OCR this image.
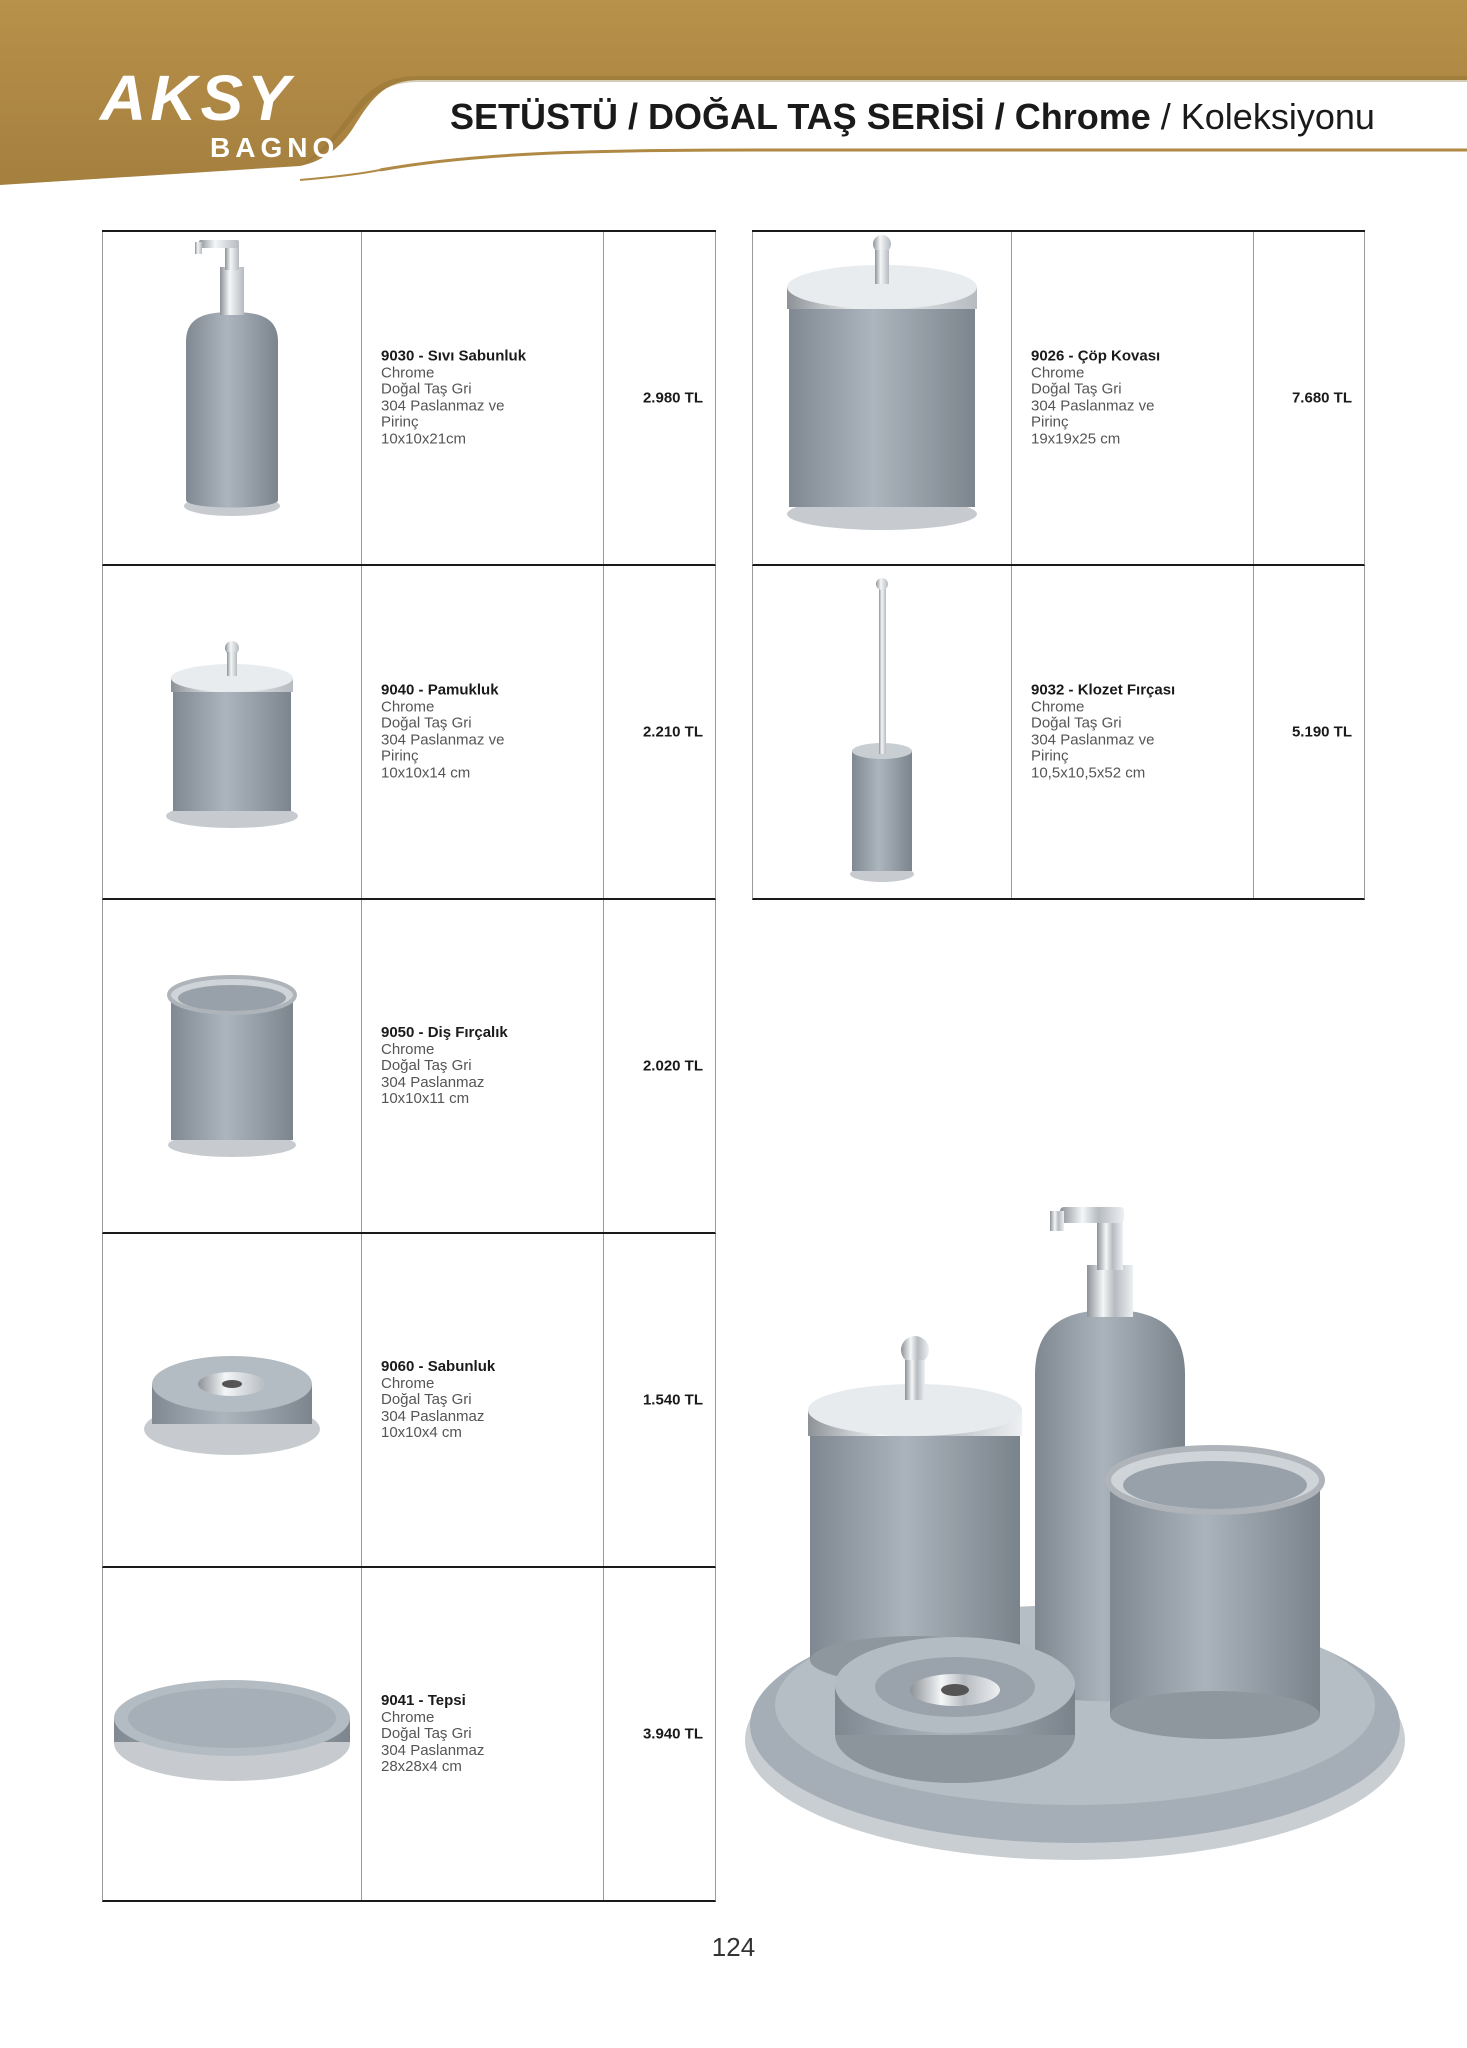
AKSY
BAGNO
SETÜSTÜ / DOĞAL TAŞ SERİSİ / Chrome / Koleksiyonu
9030 - Sıvı Sabunluk
Chrome
Doğal Taş Gri
304 Paslanmaz ve
Pirinç
10x10x21cm
2.980 TL
9040 - Pamukluk
Chrome
Doğal Taş Gri
304 Paslanmaz ve
Pirinç
10x10x14 cm
2.210 TL
9050 - Diş Fırçalık
Chrome
Doğal Taş Gri
304 Paslanmaz
10x10x11 cm
2.020 TL
9060 - Sabunluk
Chrome
Doğal Taş Gri
304 Paslanmaz
10x10x4 cm
1.540 TL
9041 - Tepsi
Chrome
Doğal Taş Gri
304 Paslanmaz
28x28x4 cm
3.940 TL
9026 - Çöp Kovası
Chrome
Doğal Taş Gri
304 Paslanmaz ve
Pirinç
19x19x25 cm
7.680 TL
9032 - Klozet Fırçası
Chrome
Doğal Taş Gri
304 Paslanmaz ve
Pirinç
10,5x10,5x52 cm
5.190 TL
124
